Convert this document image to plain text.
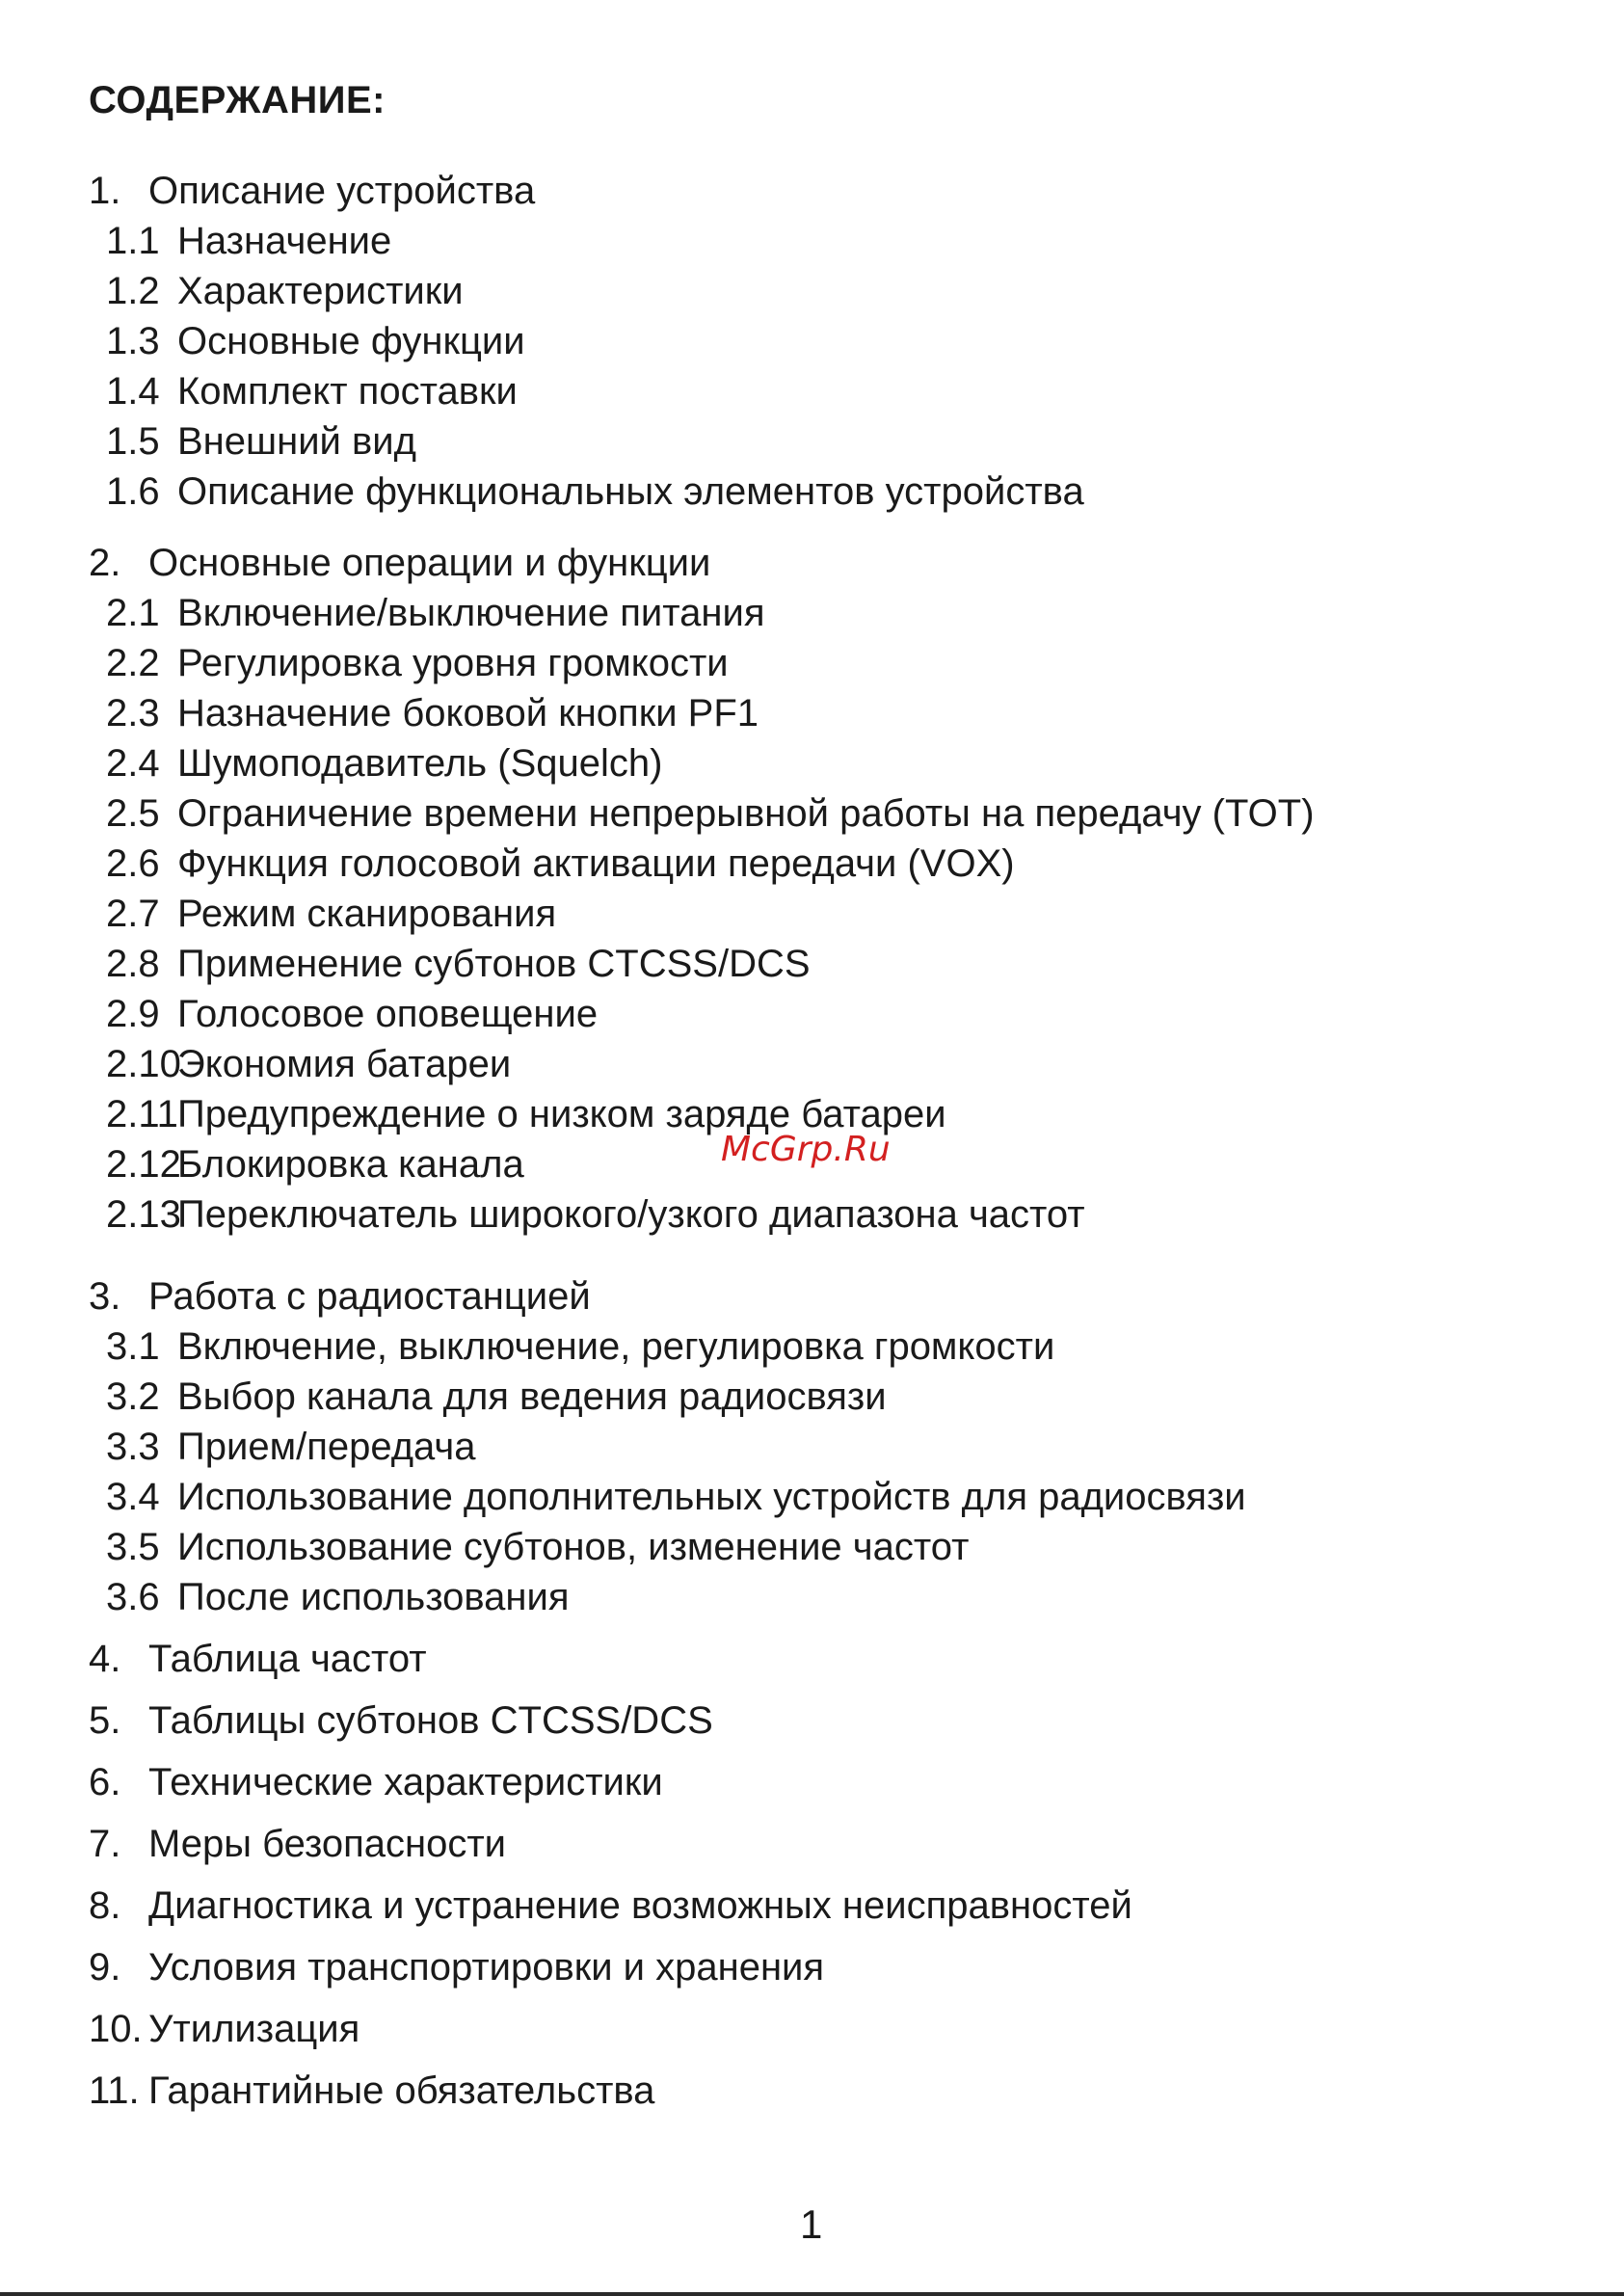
СОДЕРЖАНИЕ:
1. Описание устройства
1.1 Назначение
1.2 Характеристики
1.3 Основные функции
1.4 Комплект поставки
1.5 Внешний вид
1.6 Описание функциональных элементов устройства
2. Основные операции и функции
2.1 Включение/выключение питания
2.2 Регулировка уровня громкости
2.3 Назначение боковой кнопки PF1
2.4 Шумоподавитель (Squelch)
2.5 Ограничение времени непрерывной работы на передачу (TOT)
2.6 Функция голосовой активации передачи (VOX)
2.7 Режим сканирования
2.8 Применение субтонов CTCSS/DCS
2.9 Голосовое оповещение
2.10Экономия батареи
2.11Предупреждение о низком заряде батареи
2.12Блокировка канала
2.13Переключатель широкого/узкого диапазона частот
3. Работа с радиостанцией
3.1 Включение, выключение, регулировка громкости
3.2 Выбор канала для ведения радиосвязи
3.3 Прием/передача
3.4 Использование дополнительных устройств для радиосвязи
3.5 Использование субтонов, изменение частот
3.6 После использования
4. Таблица частот
5. Таблицы субтонов CTCSS/DCS
6. Технические характеристики
7. Меры безопасности
8. Диагностика и устранение возможных неисправностей
9. Условия транспортировки и хранения
10. Утилизация
11. Гарантийные обязательства
McGrp.Ru
1
